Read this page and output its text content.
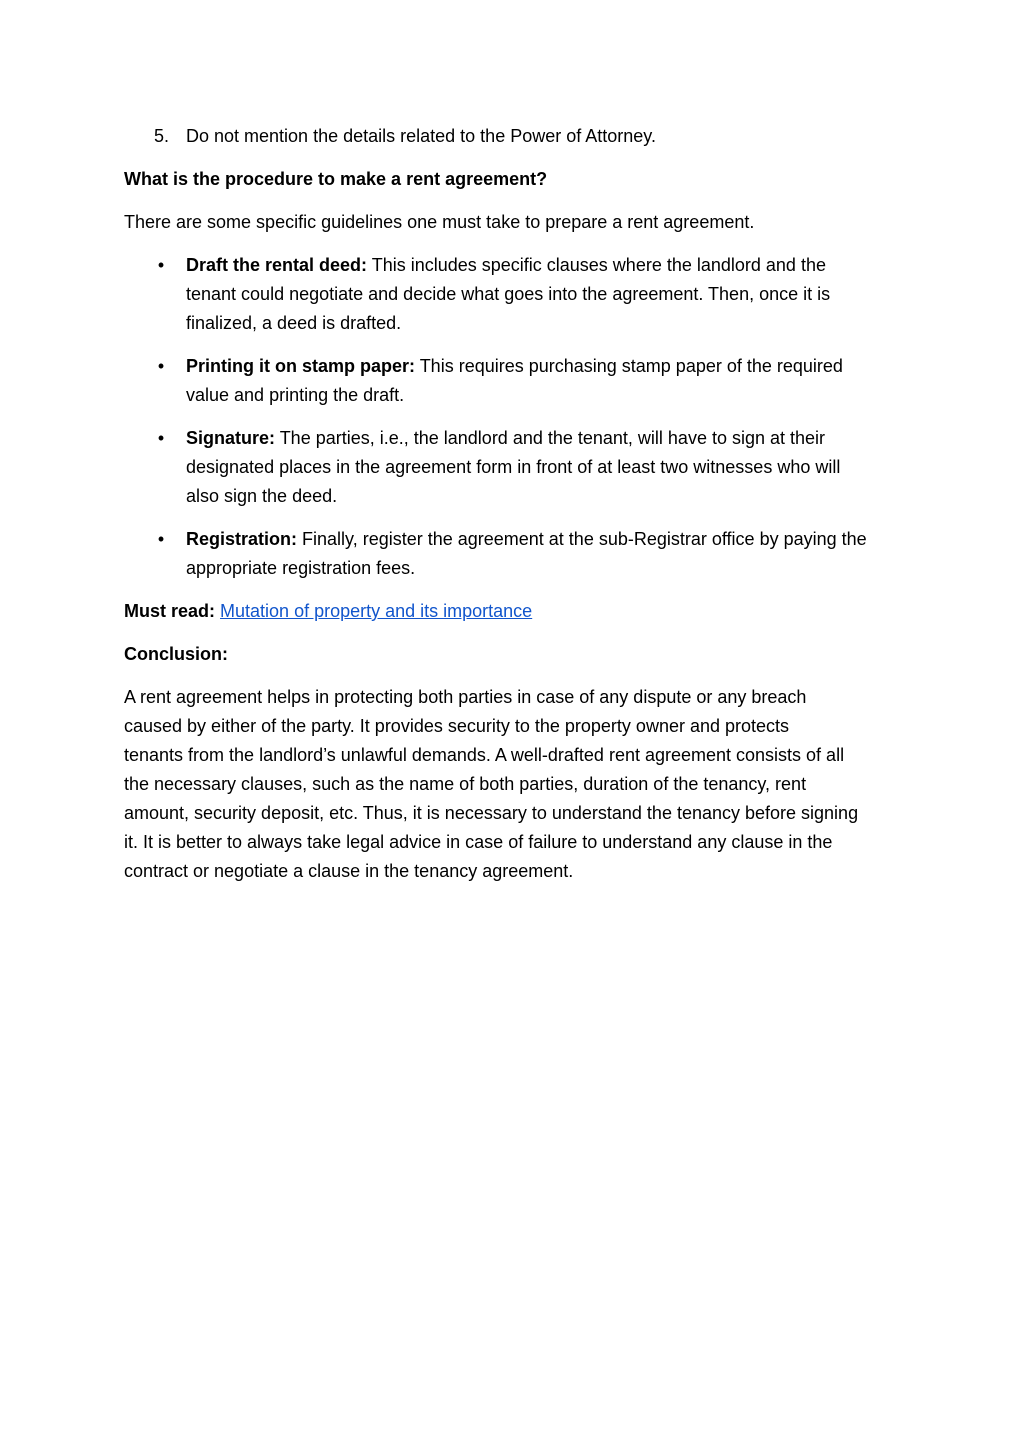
5. Do not mention the details related to the Power of Attorney.
What is the procedure to make a rent agreement?
There are some specific guidelines one must take to prepare a rent agreement.
• Draft the rental deed: This includes specific clauses where the landlord and the
tenant could negotiate and decide what goes into the agreement. Then, once it is
finalized, a deed is drafted.
• Printing it on stamp paper: This requires purchasing stamp paper of the required
value and printing the draft.
• Signature: The parties, i.e., the landlord and the tenant, will have to sign at their
designated places in the agreement form in front of at least two witnesses who will
also sign the deed.
• Registration: Finally, register the agreement at the sub-Registrar office by paying the
appropriate registration fees.
Must read: Mutation of property and its importance
Conclusion:
A rent agreement helps in protecting both parties in case of any dispute or any breach
caused by either of the party. It provides security to the property owner and protects
tenants from the landlord’s unlawful demands. A well-drafted rent agreement consists of all
the necessary clauses, such as the name of both parties, duration of the tenancy, rent
amount, security deposit, etc. Thus, it is necessary to understand the tenancy before signing
it. It is better to always take legal advice in case of failure to understand any clause in the
contract or negotiate a clause in the tenancy agreement.
